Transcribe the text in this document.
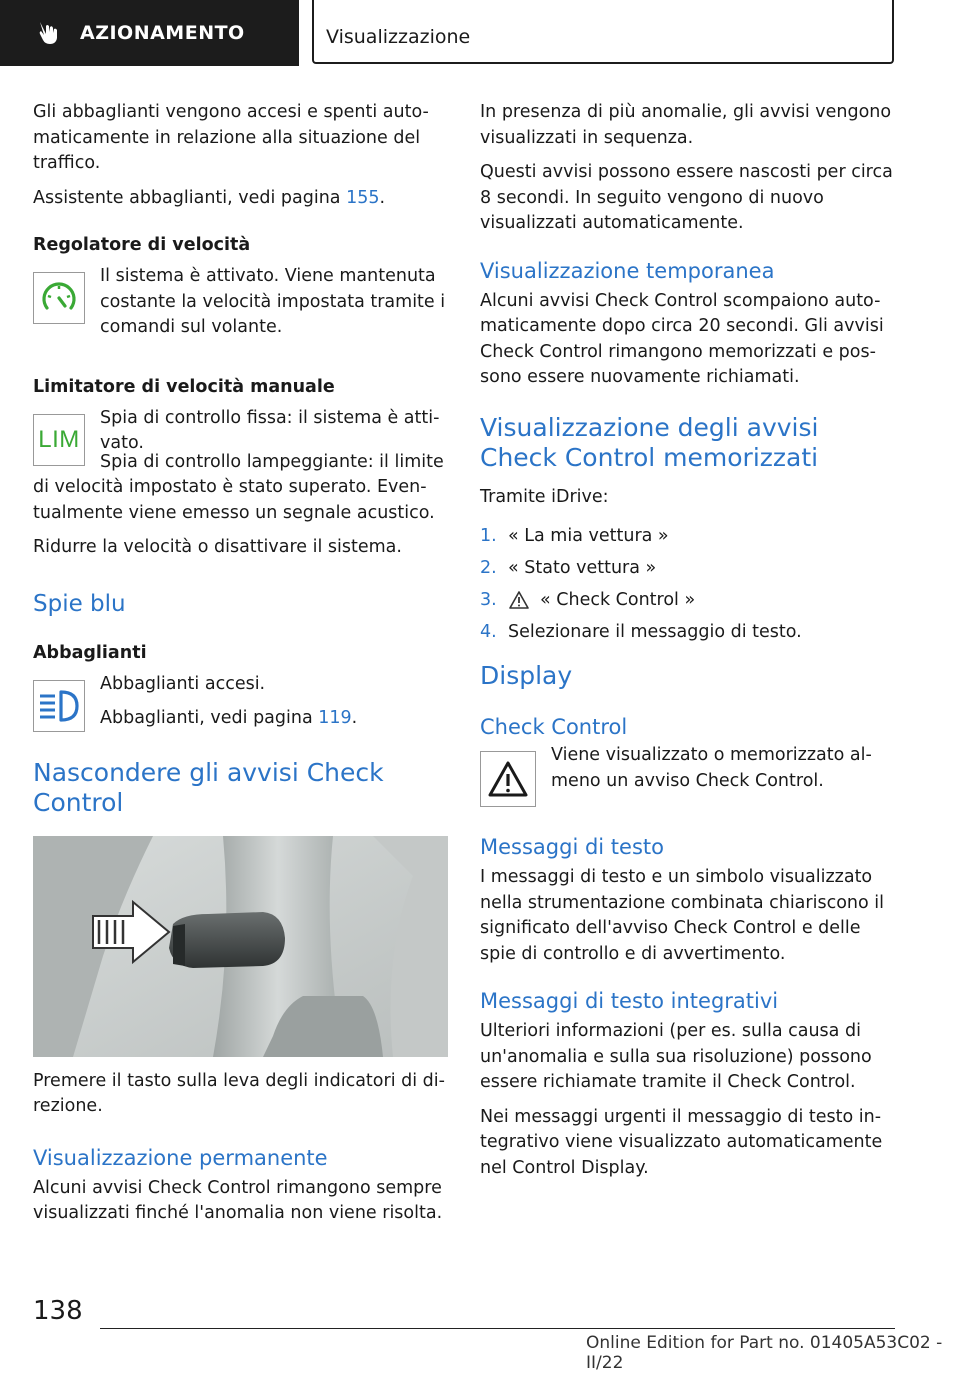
AZIONAMENTO	Visualizzazione

Gli abbaglianti vengono accesi e spenti auto-maticamente in relazione alla situazione del traffico.

Assistente abbaglianti, vedi pagina 155.

Regolatore di velocità

Il sistema è attivato. Viene mantenuta costante la velocità impostata tramite i comandi sul volante.

Limitatore di velocità manuale
LIM

Spia di controllo fissa: il sistema è atti-vato.

Spia di controllo lampeggiante: il limite di velocità impostato è stato superato. Even-tualmente viene emesso un segnale acustico.

Ridurre la velocità o disattivare il sistema.

Spie blu
Abbaglianti

Abbaglianti accesi.

Abbaglianti, vedi pagina 119.

Nascondere gli avvisi Check Control

Premere il tasto sulla leva degli indicatori di di-rezione.

Visualizzazione permanente

Alcuni avvisi Check Control rimangono sempre visualizzati finché l'anomalia non viene risolta.

In presenza di più anomalie, gli avvisi vengono visualizzati in sequenza.

Questi avvisi possono essere nascosti per circa 8 secondi. In seguito vengono di nuovo visualizzati automaticamente.

Visualizzazione temporanea

Alcuni avvisi Check Control scompaiono auto-maticamente dopo circa 20 secondi. Gli avvisi Check Control rimangono memorizzati e pos-sono essere nuovamente richiamati.

Visualizzazione degli avvisi Check Control memorizzati

Tramite iDrive:

1. « La mia vettura »
2. « Stato vettura »
3.	« Check Control »
4. Selezionare il messaggio di testo.
Display
Check Control

Viene visualizzato o memorizzato al-meno un avviso Check Control.

Messaggi di testo

I messaggi di testo e un simbolo visualizzato nella strumentazione combinata chiariscono il significato dell'avviso Check Control e delle spie di controllo e di avvertimento.

Messaggi di testo integrativi

Ulteriori informazioni (per es. sulla causa di un'anomalia e sulla sua risoluzione) possono essere richiamate tramite il Check Control.

Nei messaggi urgenti il messaggio di testo in-tegrativo viene visualizzato automaticamente nel Control Display.

138
Online Edition for Part no. 01405A53C02 - II/22
